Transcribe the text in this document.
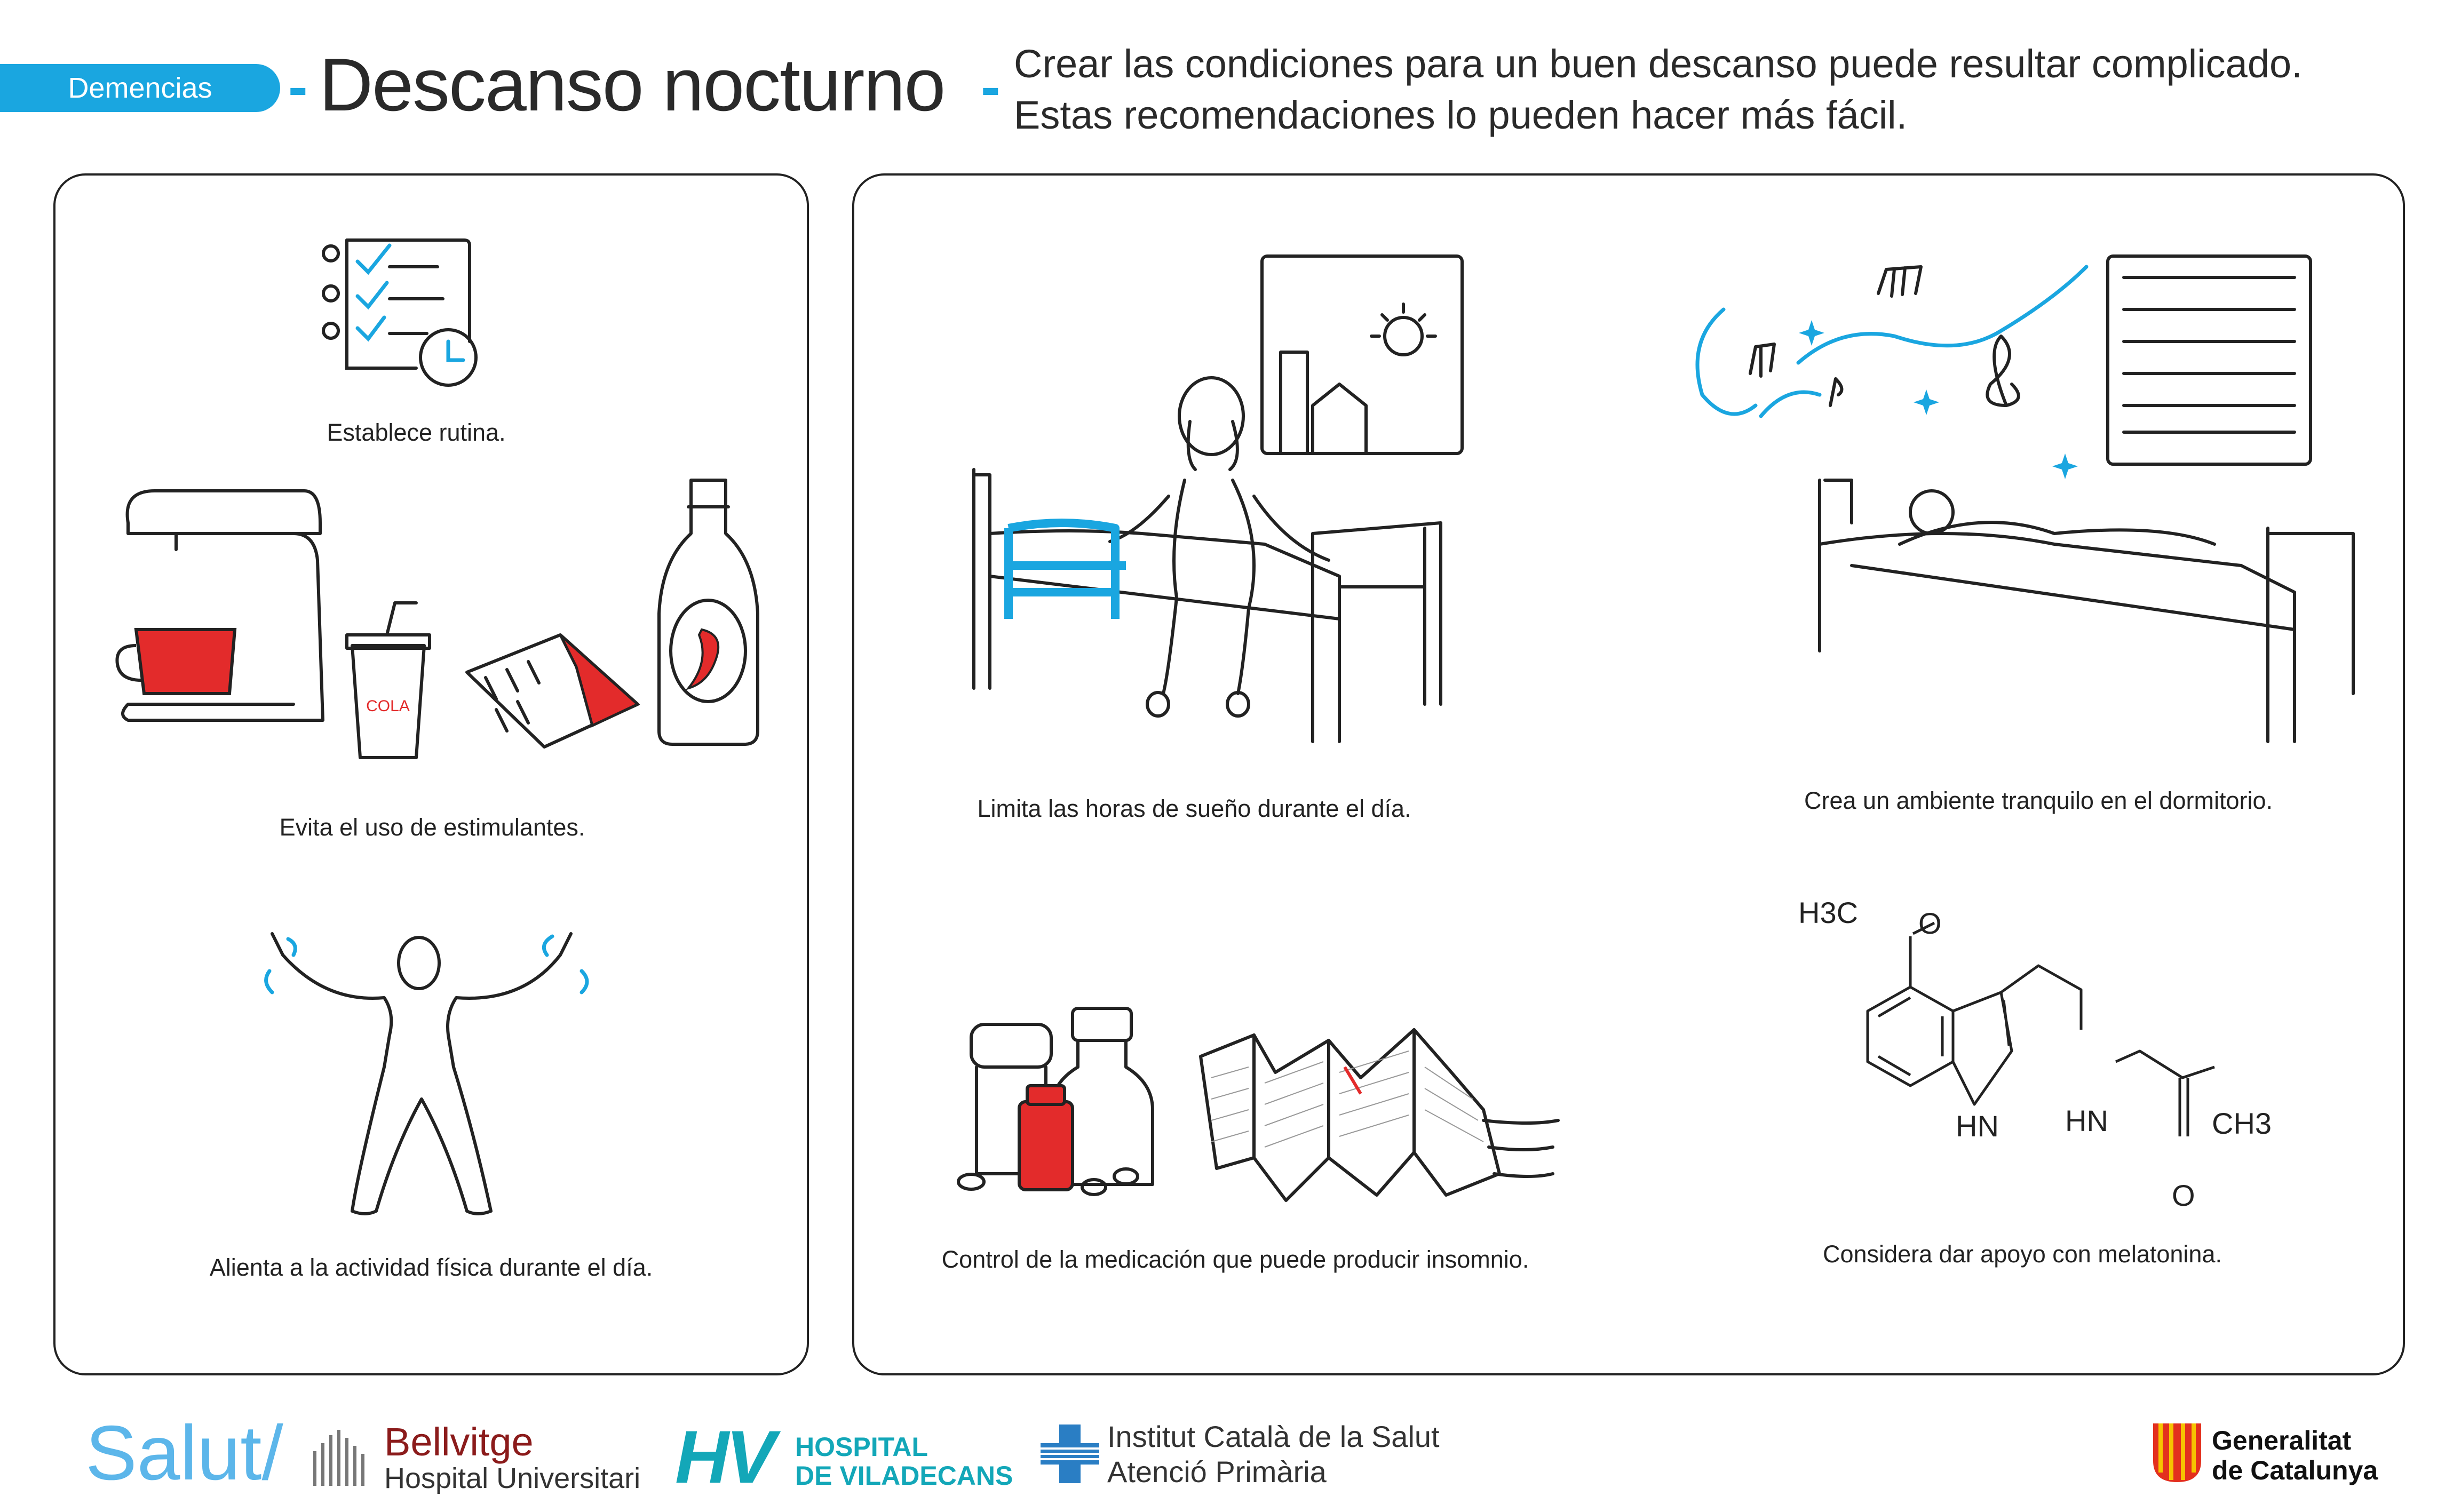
Demencias - Descanso nocturno - Crear las condiciones para un buen descanso puede resultar complicado.
Estas recomendaciones lo pueden hacer más fácil.
Establece rutina.
COLA
Evita el uso de estimulantes.
Alienta a la actividad física durante el día.
Limita las horas de sueño durante el día.	Crea un ambiente tranquilo en el dormitorio.
Control de la medicación que puede producir insomnio.
H3C O
HN HN	CH3
O
Considera dar apoyo con melatonina.
Salut/	Bellvitge
Hospital Universitari HV HOSPITAL
DE VILADECANS
Institut Català de la Salut
Atenció Primària
Generalitat
de Catalunya
